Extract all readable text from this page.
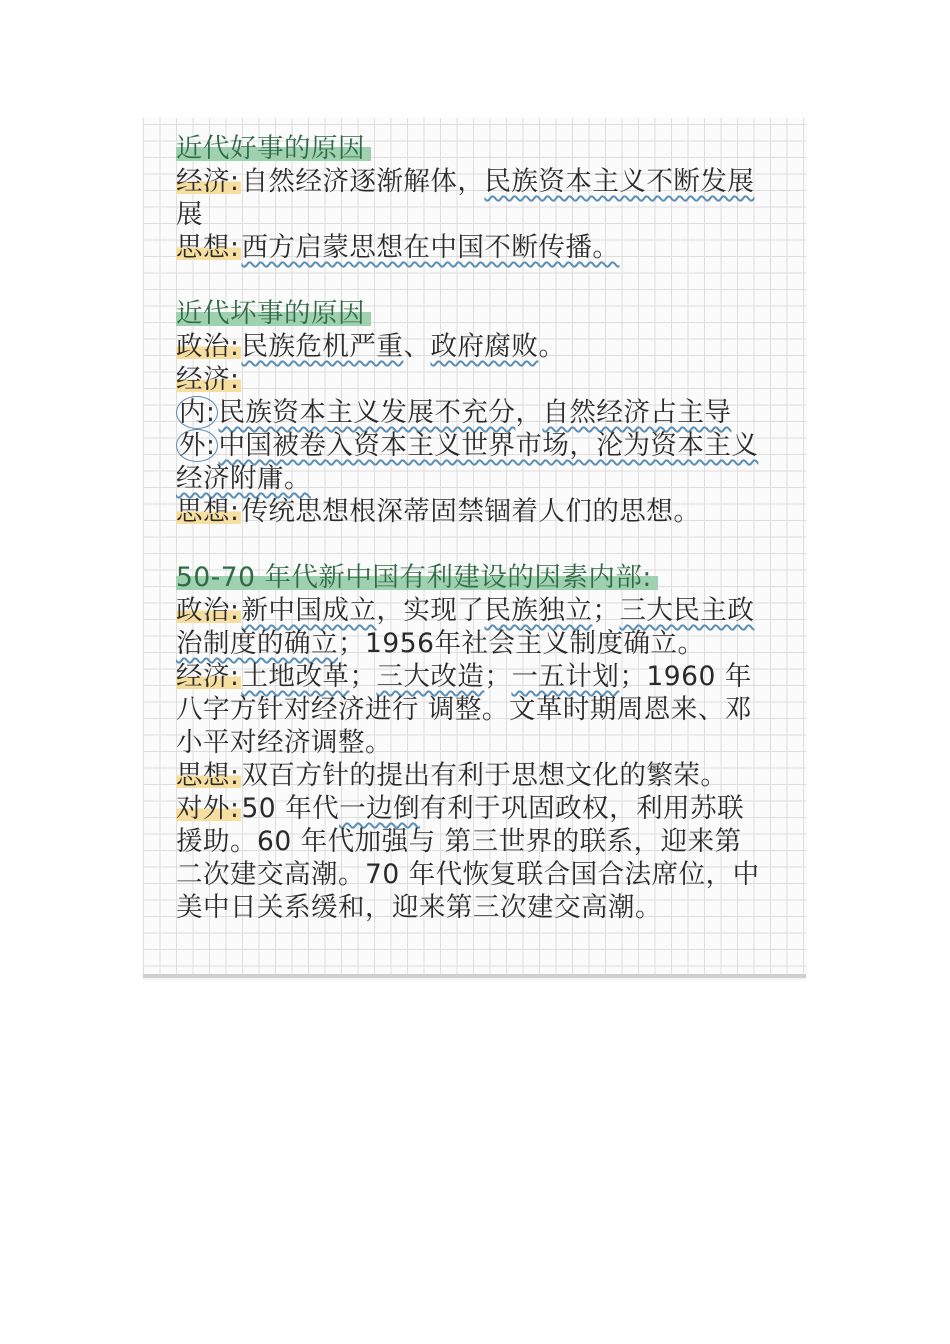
近代好事的原因

经济:自然经济逐渐解体，民族资本主义不断发展展

思想:西方启蒙思想在中国不断传播。

近代坏事的原因

政治:民族危机严重、政府腐败。

经济:

内: 民族资本主义发展不充分，自然经济占主导

外: 中国被卷入资本主义世界市场，沦为资本主义经济附庸。

思想:传统思想根深蒂固禁锢着人们的思想。

50-70 年代新中国有利建设的因素内部:

政治:新中国成立，实现了民族独立；三大民主政治制度的确立；1956年社会主义制度确立。

经济:土地改革；三大改造；一五计划；1960 年八字方针对经济进行 调整。文革时期周恩来、邓小平对经济调整。

思想:双百方针的提出有利于思想文化的繁荣。

对外:50 年代一边倒有利于巩固政权，利用苏联援助。60 年代加强与 第三世界的联系，迎来第二次建交高潮。70 年代恢复联合国合法席位，中美中日关系缓和，迎来第三次建交高潮。
